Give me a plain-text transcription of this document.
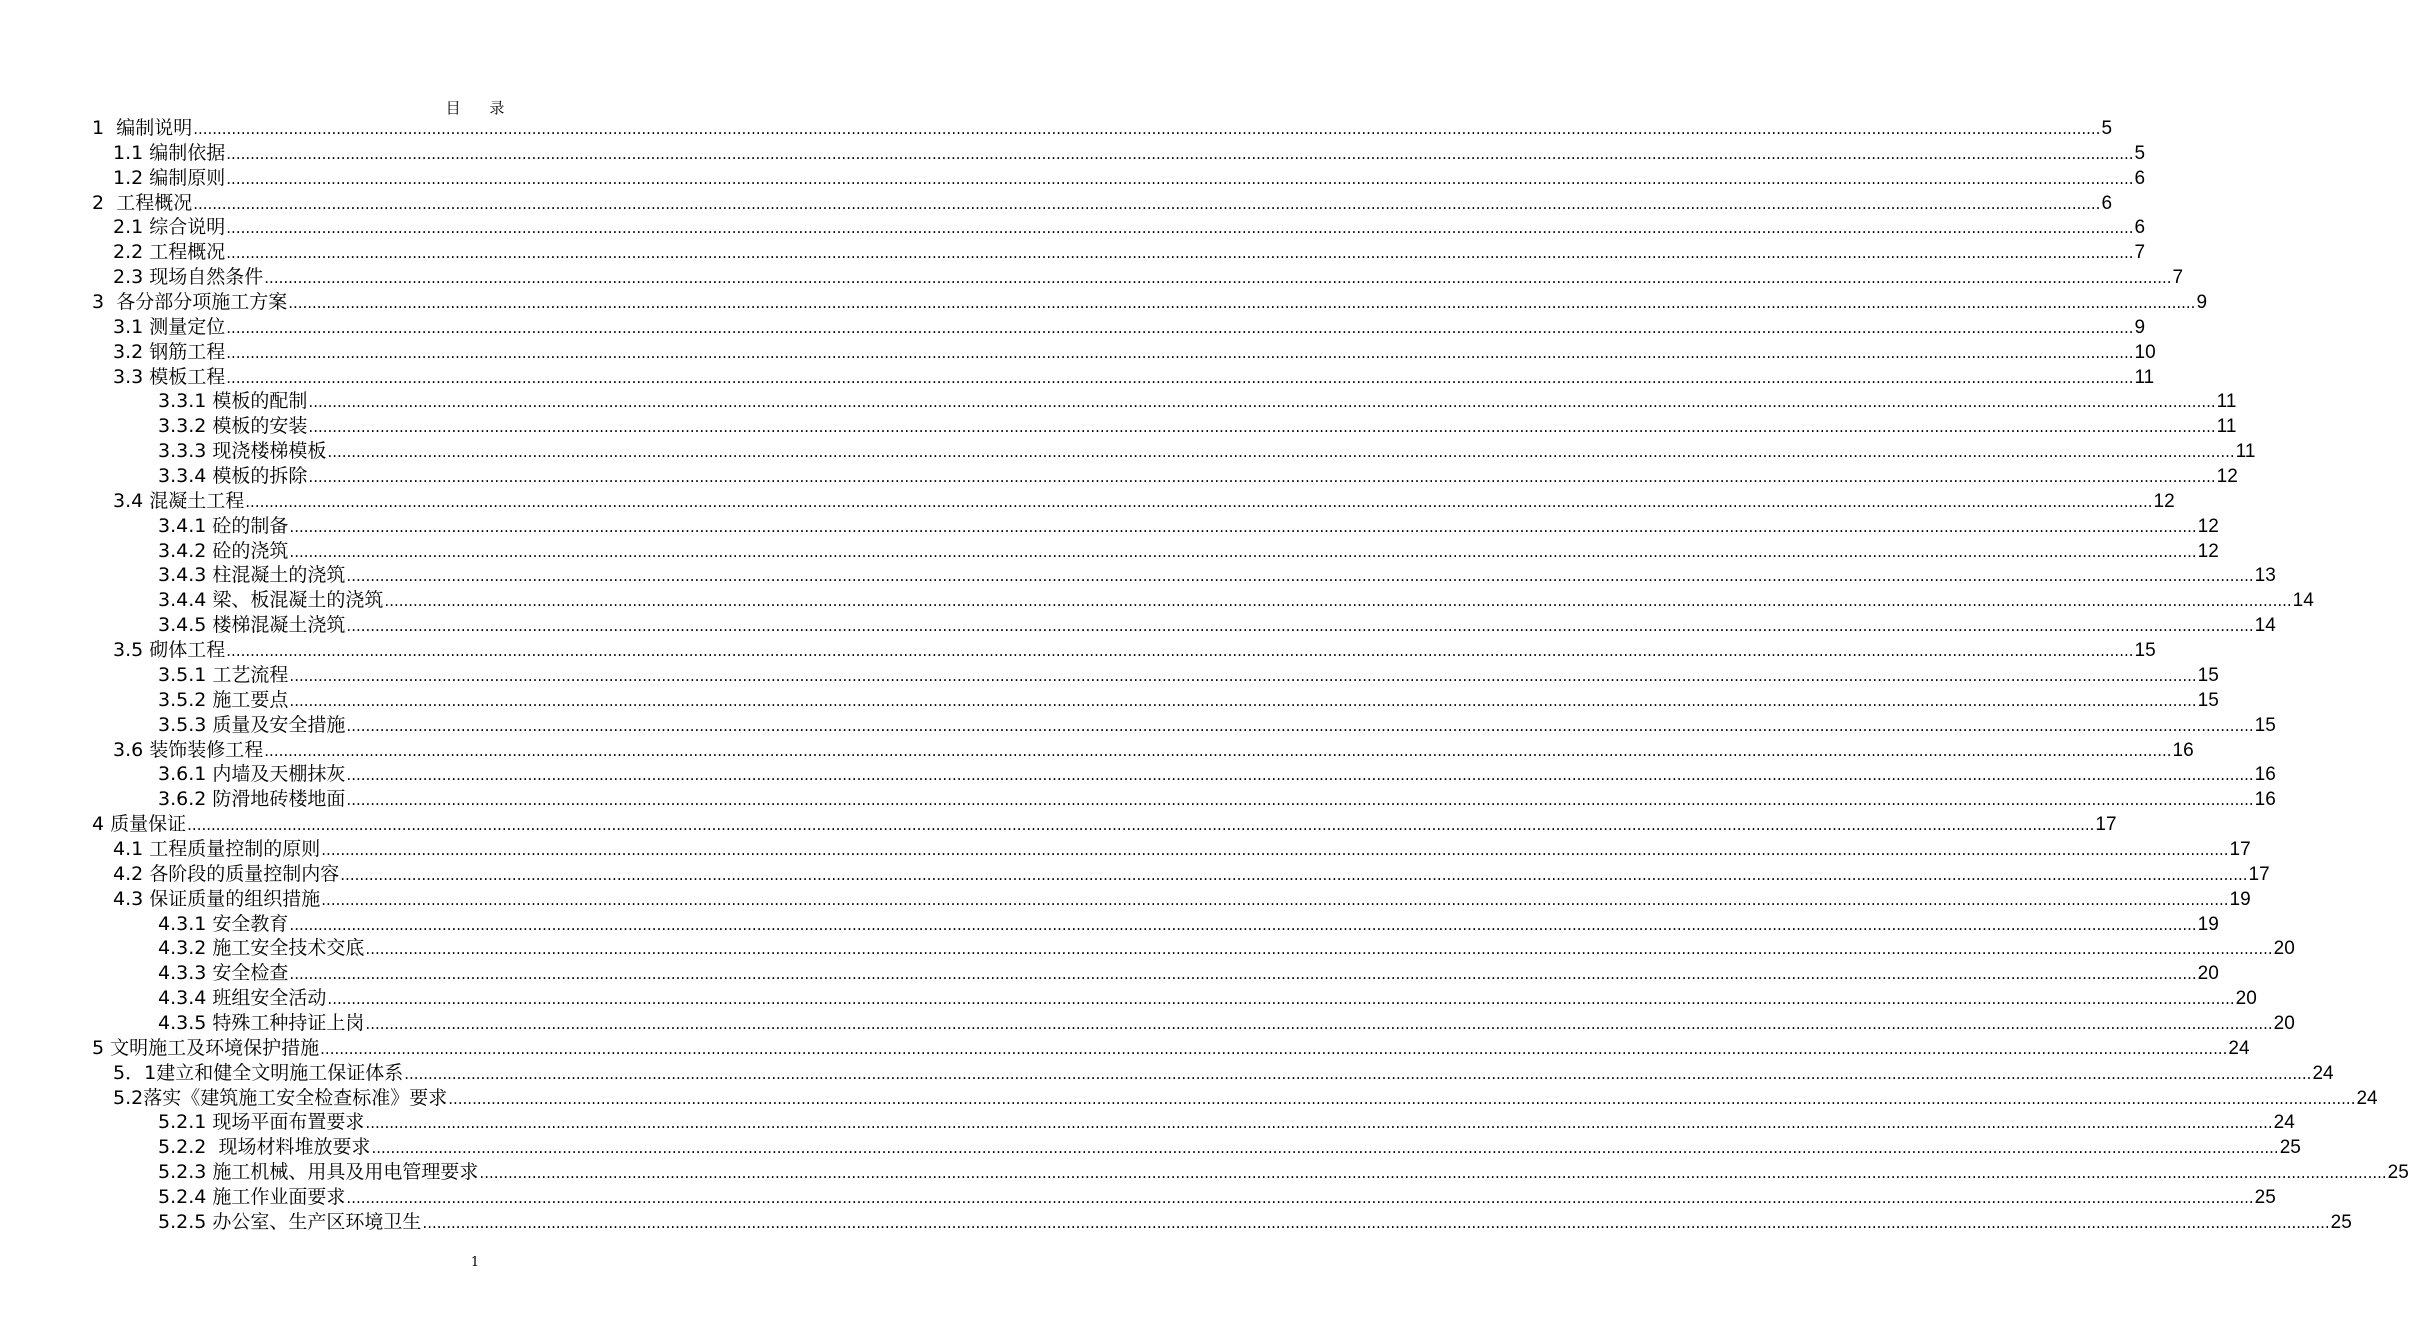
目 录
1 编制说明 ................................................................................................................................................................................................................................................................................................................................................................................................................ 5
1.1 编制依据 ................................................................................................................................................................................................................................................................................................................................................................................................................ 5
1.2 编制原则 ................................................................................................................................................................................................................................................................................................................................................................................................................ 6
2 工程概况 ................................................................................................................................................................................................................................................................................................................................................................................................................ 6
2.1 综合说明 ................................................................................................................................................................................................................................................................................................................................................................................................................ 6
2.2 工程概况 ................................................................................................................................................................................................................................................................................................................................................................................................................ 7
2.3 现场自然条件 ................................................................................................................................................................................................................................................................................................................................................................................................................ 7
3 各分部分项施工方案 ................................................................................................................................................................................................................................................................................................................................................................................................................ 9
3.1 测量定位 ................................................................................................................................................................................................................................................................................................................................................................................................................ 9
3.2 钢筋工程 ................................................................................................................................................................................................................................................................................................................................................................................................................ 10
3.3 模板工程 ................................................................................................................................................................................................................................................................................................................................................................................................................ 11
3.3.1 模板的配制 ................................................................................................................................................................................................................................................................................................................................................................................................................ 11
3.3.2 模板的安装 ................................................................................................................................................................................................................................................................................................................................................................................................................ 11
3.3.3 现浇楼梯模板 ................................................................................................................................................................................................................................................................................................................................................................................................................ 11
3.3.4 模板的拆除 ................................................................................................................................................................................................................................................................................................................................................................................................................ 12
3.4 混凝土工程 ................................................................................................................................................................................................................................................................................................................................................................................................................ 12
3.4.1 砼的制备 ................................................................................................................................................................................................................................................................................................................................................................................................................ 12
3.4.2 砼的浇筑 ................................................................................................................................................................................................................................................................................................................................................................................................................ 12
3.4.3 柱混凝土的浇筑 ................................................................................................................................................................................................................................................................................................................................................................................................................ 13
3.4.4 梁、板混凝土的浇筑 ................................................................................................................................................................................................................................................................................................................................................................................................................ 14
3.4.5 楼梯混凝土浇筑 ................................................................................................................................................................................................................................................................................................................................................................................................................ 14
3.5 砌体工程 ................................................................................................................................................................................................................................................................................................................................................................................................................ 15
3.5.1 工艺流程 ................................................................................................................................................................................................................................................................................................................................................................................................................ 15
3.5.2 施工要点 ................................................................................................................................................................................................................................................................................................................................................................................................................ 15
3.5.3 质量及安全措施 ................................................................................................................................................................................................................................................................................................................................................................................................................ 15
3.6 装饰装修工程 ................................................................................................................................................................................................................................................................................................................................................................................................................ 16
3.6.1 内墙及天棚抹灰 ................................................................................................................................................................................................................................................................................................................................................................................................................ 16
3.6.2 防滑地砖楼地面 ................................................................................................................................................................................................................................................................................................................................................................................................................ 16
4 质量保证 ................................................................................................................................................................................................................................................................................................................................................................................................................ 17
4.1 工程质量控制的原则 ................................................................................................................................................................................................................................................................................................................................................................................................................ 17
4.2 各阶段的质量控制内容 ................................................................................................................................................................................................................................................................................................................................................................................................................ 17
4.3 保证质量的组织措施 ................................................................................................................................................................................................................................................................................................................................................................................................................ 19
4.3.1 安全教育 ................................................................................................................................................................................................................................................................................................................................................................................................................ 19
4.3.2 施工安全技术交底 ................................................................................................................................................................................................................................................................................................................................................................................................................ 20
4.3.3 安全检查 ................................................................................................................................................................................................................................................................................................................................................................................................................ 20
4.3.4 班组安全活动 ................................................................................................................................................................................................................................................................................................................................................................................................................ 20
4.3.5 特殊工种持证上岗 ................................................................................................................................................................................................................................................................................................................................................................................................................ 20
5 文明施工及环境保护措施 ................................................................................................................................................................................................................................................................................................................................................................................................................ 24
5．1建立和健全文明施工保证体系 ................................................................................................................................................................................................................................................................................................................................................................................................................ 24
5.2落实《建筑施工安全检查标准》要求 ................................................................................................................................................................................................................................................................................................................................................................................................................ 24
5.2.1 现场平面布置要求 ................................................................................................................................................................................................................................................................................................................................................................................................................ 24
5.2.2 现场材料堆放要求 ................................................................................................................................................................................................................................................................................................................................................................................................................ 25
5.2.3 施工机械、用具及用电管理要求 ................................................................................................................................................................................................................................................................................................................................................................................................................ 25
5.2.4 施工作业面要求 ................................................................................................................................................................................................................................................................................................................................................................................................................ 25
5.2.5 办公室、生产区环境卫生 ................................................................................................................................................................................................................................................................................................................................................................................................................ 25
1
